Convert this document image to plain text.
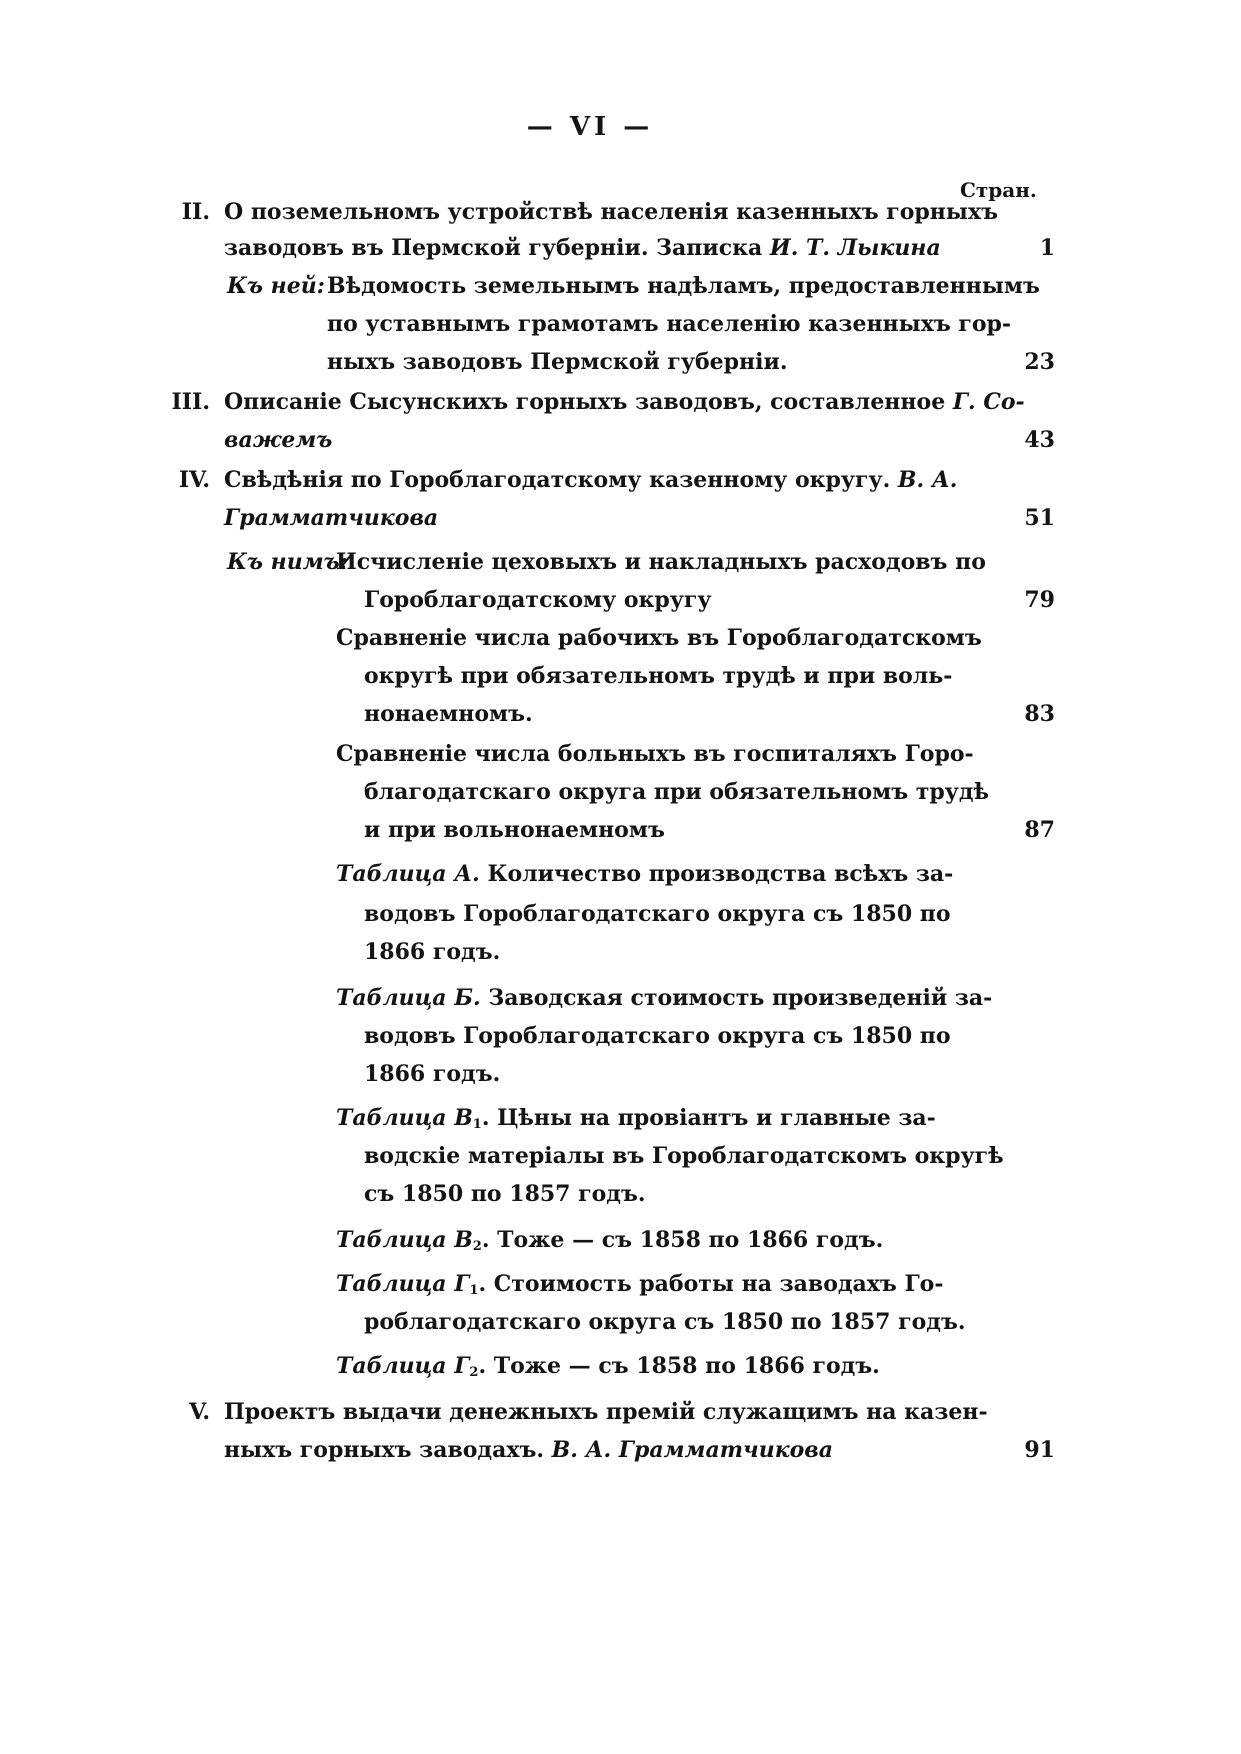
— VI —
Стран.
II. О поземельномъ устройствѣ населенія казенныхъ горныхъ
заводовъ въ Пермской губерніи. Записка И. Т. Лыкина	1
Къ ней: Вѣдомость земельнымъ надѣламъ, предоставленнымъ
по уставнымъ грамотамъ населенію казенныхъ гор-
ныхъ заводовъ Пермской губерніи.	23
III. Описаніе Сысунскихъ горныхъ заводовъ, составленное Г. Со-
важемъ	43
IV. Свѣдѣнія по Гороблагодатскому казенному округу. В. А.
Грамматчикова	51
Къ нимъ:
Исчисленіе цеховыхъ и накладныхъ расходовъ по
Гороблагодатскому округу	79
Сравненіе числа рабочихъ въ Гороблагодатскомъ
округѣ при обязательномъ трудѣ и при воль-
нонаемномъ.	83
Сравненіе числа больныхъ въ госпиталяхъ Горо-
благодатскаго округа при обязательномъ трудѣ
и при вольнонаемномъ	87
Таблица А. Количество производства всѣхъ за-
водовъ Гороблагодатскаго округа съ 1850 по
1866 годъ.
Таблица Б. Заводская стоимость произведеній за-
водовъ Гороблагодатскаго округа съ 1850 по
1866 годъ.
Таблица $В_1$. Цѣны на провіантъ и главные за-
водскіе матеріалы въ Гороблагодатскомъ округѣ
съ 1850 по 1857 годъ.
Таблица $В_2$. Тоже — съ 1858 по 1866 годъ.
Таблица $Г_1$. Стоимость работы на заводахъ Го-
роблагодатскаго округа съ 1850 по 1857 годъ.
Таблица $Г_2$. Тоже — съ 1858 по 1866 годъ.
V. Проектъ выдачи денежныхъ премій служащимъ на казен-
ныхъ горныхъ заводахъ. В. А. Грамматчикова	91
